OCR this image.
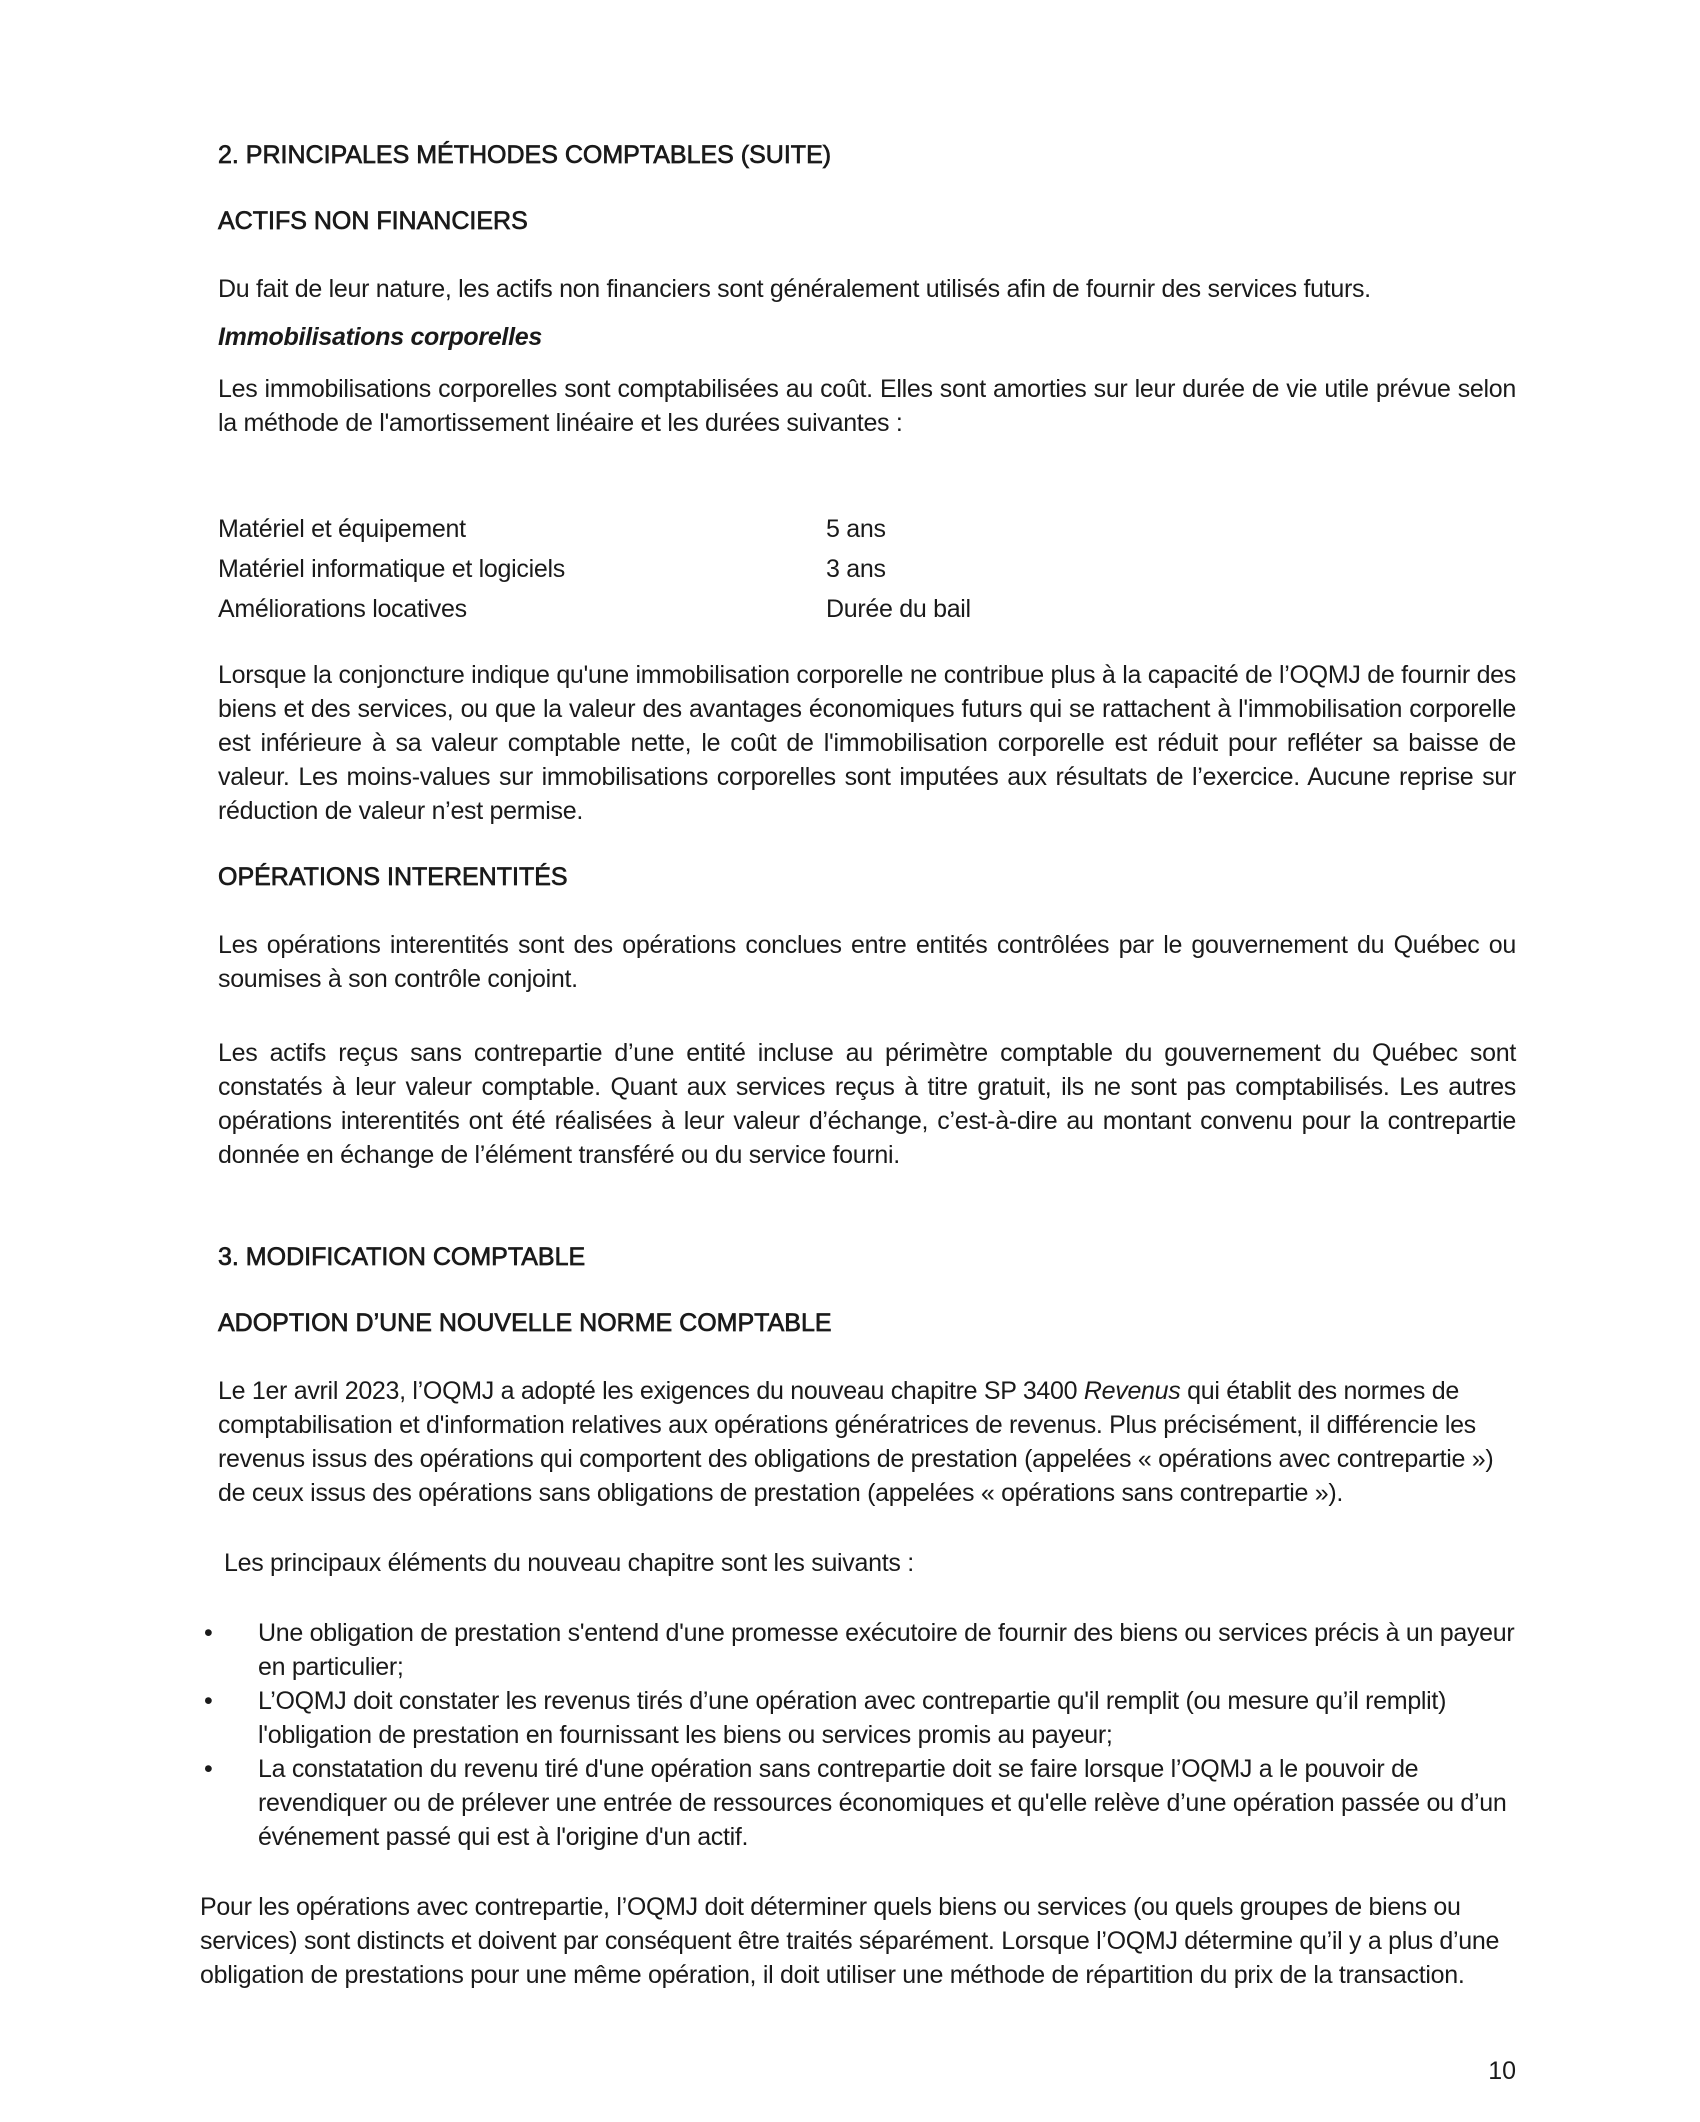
2. PRINCIPALES MÉTHODES COMPTABLES (SUITE)
ACTIFS NON FINANCIERS

Du fait de leur nature, les actifs non financiers sont généralement utilisés afin de fournir des services futurs.

Immobilisations corporelles

Les immobilisations corporelles sont comptabilisées au coût. Elles sont amorties sur leur durée de vie utile prévue selon la méthode de l'amortissement linéaire et les durées suivantes :

Matériel et équipement	5 ans
Matériel informatique et logiciels	3 ans
Améliorations locatives	Durée du bail

Lorsque la conjoncture indique qu'une immobilisation corporelle ne contribue plus à la capacité de l’OQMJ de fournir des biens et des services, ou que la valeur des avantages économiques futurs qui se rattachent à l'immobilisation corporelle est inférieure à sa valeur comptable nette, le coût de l'immobilisation corporelle est réduit pour refléter sa baisse de valeur. Les moins-values sur immobilisations corporelles sont imputées aux résultats de l’exercice. Aucune reprise sur réduction de valeur n’est permise.

OPÉRATIONS INTERENTITÉS

Les opérations interentités sont des opérations conclues entre entités contrôlées par le gouvernement du Québec ou soumises à son contrôle conjoint.

Les actifs reçus sans contrepartie d’une entité incluse au périmètre comptable du gouvernement du Québec sont constatés à leur valeur comptable. Quant aux services reçus à titre gratuit, ils ne sont pas comptabilisés. Les autres opérations interentités ont été réalisées à leur valeur d’échange, c’est-à-dire au montant convenu pour la contrepartie donnée en échange de l’élément transféré ou du service fourni.

3. MODIFICATION COMPTABLE
ADOPTION D’UNE NOUVELLE NORME COMPTABLE

Le 1er avril 2023, l’OQMJ a adopté les exigences du nouveau chapitre SP 3400 Revenus qui établit des normes de comptabilisation et d'information relatives aux opérations génératrices de revenus. Plus précisément, il différencie les revenus issus des opérations qui comportent des obligations de prestation (appelées « opérations avec contrepartie ») de ceux issus des opérations sans obligations de prestation (appelées « opérations sans contrepartie »).

Les principaux éléments du nouveau chapitre sont les suivants :

•	Une obligation de prestation s'entend d'une promesse exécutoire de fournir des biens ou services précis à un payeur en particulier;
•	L’OQMJ doit constater les revenus tirés d’une opération avec contrepartie qu'il remplit (ou mesure qu’il remplit) l'obligation de prestation en fournissant les biens ou services promis au payeur;
•	La constatation du revenu tiré d'une opération sans contrepartie doit se faire lorsque l’OQMJ a le pouvoir de revendiquer ou de prélever une entrée de ressources économiques et qu'elle relève d’une opération passée ou d’un événement passé qui est à l'origine d'un actif.

Pour les opérations avec contrepartie, l’OQMJ doit déterminer quels biens ou services (ou quels groupes de biens ou services) sont distincts et doivent par conséquent être traités séparément. Lorsque l’OQMJ détermine qu’il y a plus d’une obligation de prestations pour une même opération, il doit utiliser une méthode de répartition du prix de la transaction.

10
